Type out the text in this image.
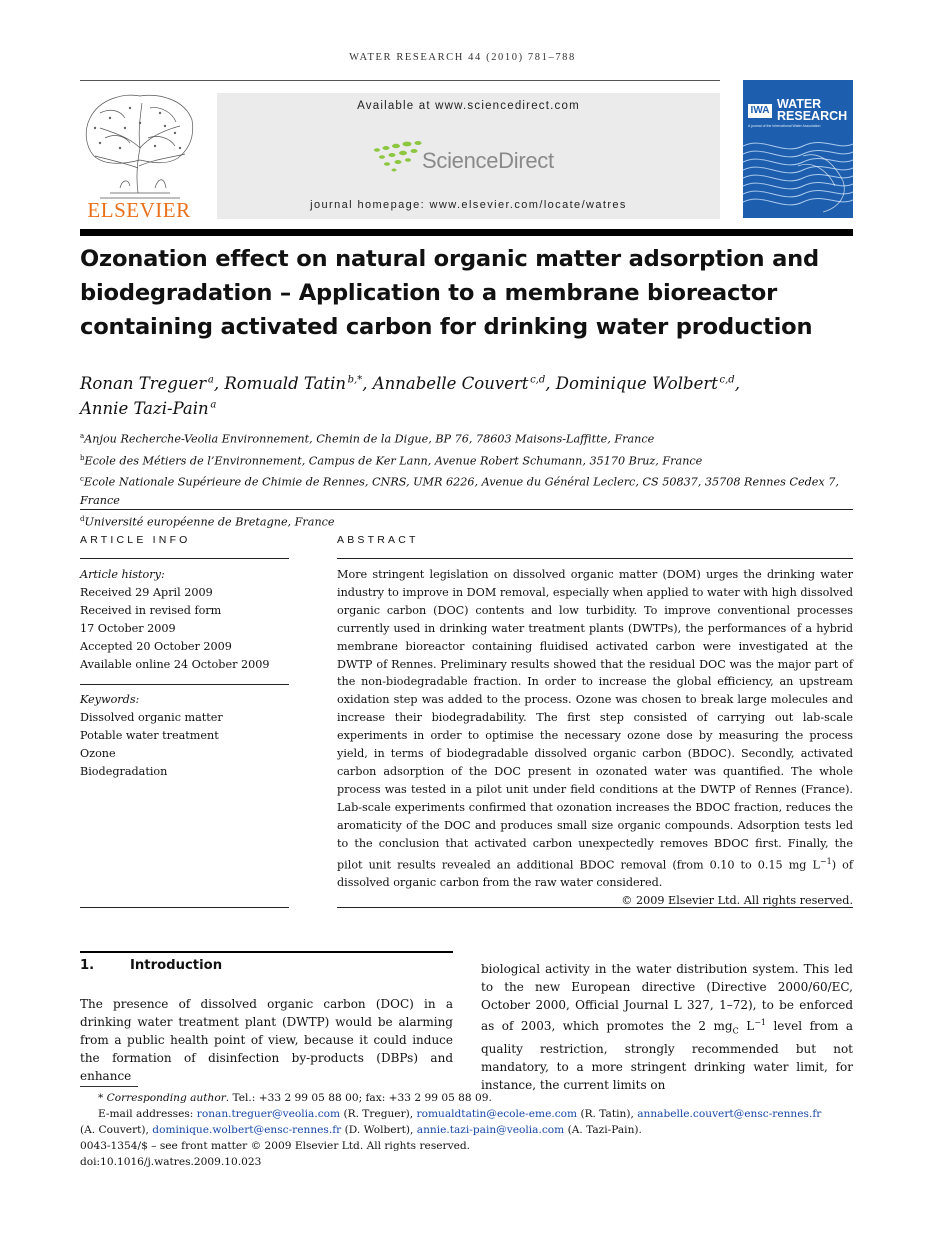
WATER RESEARCH 44 (2010) 781–788
ELSEVIER
Available at www.sciencedirect.com
ScienceDirect
journal homepage: www.elsevier.com/locate/watres
IWA WATER
RESEARCH
A journal of the International Water Association
Ozonation effect on natural organic matter adsorption and biodegradation – Application to a membrane bioreactor containing activated carbon for drinking water production
Ronan Treguer  $^a$, Romuald Tatin  $^{b,*}$, Annabelle Couvert  $^{c,d}$, Dominique Wolbert  $^{c,d}$,
Annie Tazi-Pain  $^a$
$^a$Anjou Recherche-Veolia Environnement, Chemin de la Digue, BP 76, 78603 Maisons-Laffitte, France
$^b$Ecole des Métiers de l’Environnement, Campus de Ker Lann, Avenue Robert Schumann, 35170 Bruz, France
$^c$Ecole Nationale Supérieure de Chimie de Rennes, CNRS, UMR 6226, Avenue du Général Leclerc, CS 50837, 35708 Rennes Cedex 7, France
$^d$Université européenne de Bretagne, France
ARTICLE INFO
Article history:
Received 29 April 2009
Received in revised form
17 October 2009
Accepted 20 October 2009
Available online 24 October 2009
Keywords:
Dissolved organic matter
Potable water treatment
Ozone
Biodegradation
ABSTRACT
More stringent legislation on dissolved organic matter (DOM) urges the drinking water industry to improve in DOM removal, especially when applied to water with high dissolved organic carbon (DOC) contents and low turbidity. To improve conventional processes currently used in drinking water treatment plants (DWTPs), the performances of a hybrid membrane bioreactor containing fluidised activated carbon were investigated at the DWTP of Rennes. Preliminary results showed that the residual DOC was the major part of the non-biodegradable fraction. In order to increase the global efficiency, an upstream oxidation step was added to the process. Ozone was chosen to break large molecules and increase their biodegradability. The first step consisted of carrying out lab-scale experiments in order to optimise the necessary ozone dose by measuring the process yield, in terms of biodegradable dissolved organic carbon (BDOC). Secondly, activated carbon adsorption of the DOC present in ozonated water was quantified. The whole process was tested in a pilot unit under field conditions at the DWTP of Rennes (France). Lab-scale experiments confirmed that ozonation increases the BDOC fraction, reduces the aromaticity of the DOC and produces small size organic compounds. Adsorption tests led to the conclusion that activated carbon unexpectedly removes BDOC first. Finally, the pilot unit results revealed an additional BDOC removal (from 0.10 to 0.15 mg $L^{-1}$) of dissolved organic carbon from the raw water considered.
© 2009 Elsevier Ltd. All rights reserved.
1.	Introduction
The presence of dissolved organic carbon (DOC) in a drinking water treatment plant (DWTP) would be alarming from a public health point of view, because it could induce the formation of disinfection by-products (DBPs) and enhance
biological activity in the water distribution system. This led to the new European directive (Directive 2000/60/EC, October 2000, Official Journal L 327, 1–72), to be enforced as of 2003, which promotes the 2 $mg_C$ $L^{-1}$ level from a quality restriction, strongly recommended but not mandatory, to a more stringent drinking water limit, for instance, the current limits on
* Corresponding author. Tel.: +33 2 99 05 88 00; fax: +33 2 99 05 88 09.
E-mail addresses: ronan.treguer@veolia.com (R. Treguer), romualdtatin@ecole-eme.com (R. Tatin), annabelle.couvert@ensc-rennes.fr
(A. Couvert), dominique.wolbert@ensc-rennes.fr (D. Wolbert), annie.tazi-pain@veolia.com (A. Tazi-Pain).
0043-1354/$ – see front matter © 2009 Elsevier Ltd. All rights reserved.
doi:10.1016/j.watres.2009.10.023
